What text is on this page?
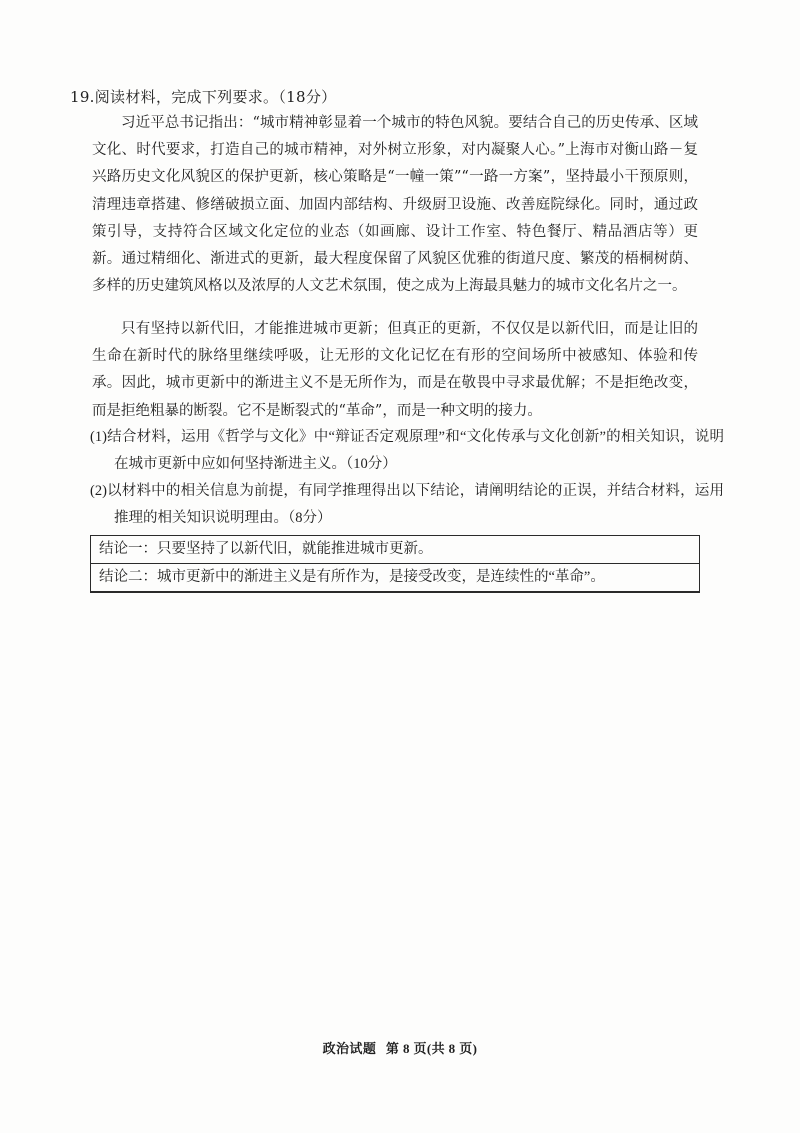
19.阅读材料，完成下列要求。（18分）
习近平总书记指出：“城市精神彰显着一个城市的特色风貌。要结合自己的历史传承、区域文化、时代要求，打造自己的城市精神，对外树立形象，对内凝聚人心。”上海市对衡山路－复兴路历史文化风貌区的保护更新，核心策略是“一幢一策”“一路一方案”，坚持最小干预原则，清理违章搭建、修缮破损立面、加固内部结构、升级厨卫设施、改善庭院绿化。同时，通过政策引导，支持符合区域文化定位的业态（如画廊、设计工作室、特色餐厅、精品酒店等）更新。通过精细化、渐进式的更新，最大程度保留了风貌区优雅的街道尺度、繁茂的梧桐树荫、多样的历史建筑风格以及浓厚的人文艺术氛围，使之成为上海最具魅力的城市文化名片之一。
只有坚持以新代旧，才能推进城市更新；但真正的更新，不仅仅是以新代旧，而是让旧的生命在新时代的脉络里继续呼吸，让无形的文化记忆在有形的空间场所中被感知、体验和传承。因此，城市更新中的渐进主义不是无所作为，而是在敬畏中寻求最优解；不是拒绝改变，而是拒绝粗暴的断裂。它不是断裂式的“革命”，而是一种文明的接力。
(1)结合材料，运用《哲学与文化》中“辩证否定观原理”和“文化传承与文化创新”的相关知识，说明在城市更新中应如何坚持渐进主义。（10分）
(2)以材料中的相关信息为前提，有同学推理得出以下结论，请阐明结论的正误，并结合材料，运用推理的相关知识说明理由。（8分）
结论一：只要坚持了以新代旧，就能推进城市更新。
结论二：城市更新中的渐进主义是有所作为，是接受改变，是连续性的“革命”。
政治试题 第 8 页(共 8 页)
